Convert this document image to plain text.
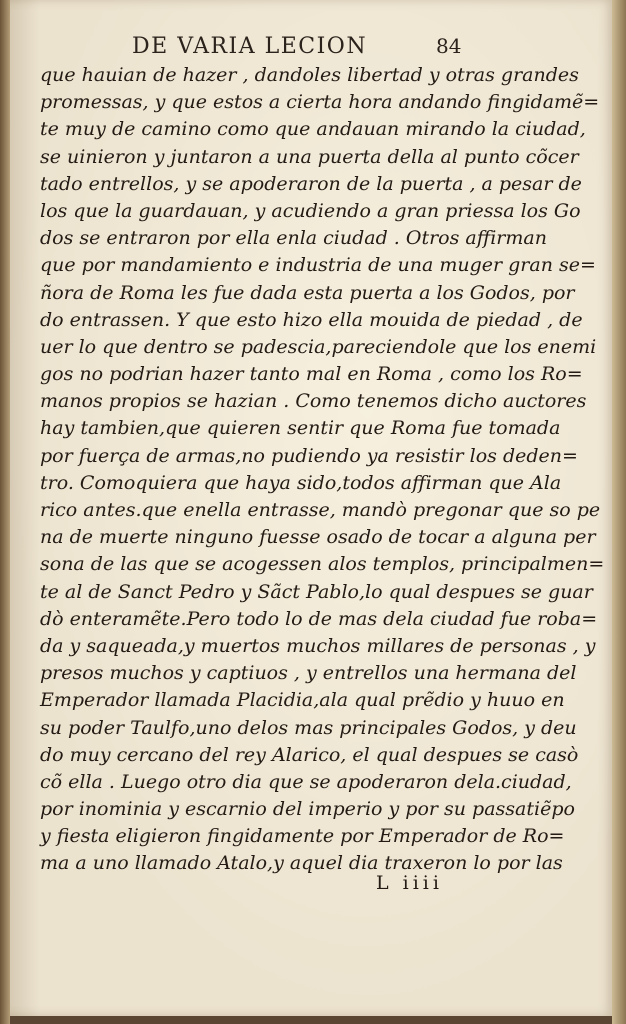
DE VARIA LECION	84
que hauian de hazer , dandoles libertad y otras grandes
promessas, y que estos a cierta hora andando fingidamẽ=
te muy de camino como que andauan mirando la ciudad,
se uinieron y juntaron a una puerta della al punto cõcer
tado entrellos, y se apoderaron de la puerta , a pesar de
los que la guardauan, y acudiendo a gran priessa los Go
dos se entraron por ella enla ciudad . Otros affirman
que por mandamiento e industria de una muger gran se=
ñora de Roma les fue dada esta puerta a los Godos, por
do entrassen. Y que esto hizo ella mouida de piedad , de
uer lo que dentro se padescia,pareciendole que los enemi
gos no podrian hazer tanto mal en Roma , como los Ro=
manos propios se hazian . Como tenemos dicho auctores
hay tambien,que quieren sentir que Roma fue tomada
por fuerça de armas,no pudiendo ya resistir los deden=
tro. Comoquiera que haya sido,todos affirman que Ala
rico antes.que enella entrasse, mandò pregonar que so pe
na de muerte ninguno fuesse osado de tocar a alguna per
sona de las que se acogessen alos templos, principalmen=
te al de Sanct Pedro y Sãct Pablo,lo qual despues se guar
dò enteramẽte.Pero todo lo de mas dela ciudad fue roba=
da y saqueada,y muertos muchos millares de personas , y
presos muchos y captiuos , y entrellos una hermana del
Emperador llamada Placidia,ala qual prẽdio y huuo en
su poder Taulfo,uno delos mas principales Godos, y deu
do muy cercano del rey Alarico, el qual despues se casò
cõ ella . Luego otro dia que se apoderaron dela.ciudad,
por inominia y escarnio del imperio y por su passatiẽpo
y fiesta eligieron fingidamente por Emperador de Ro=
ma a uno llamado Atalo,y aquel dia traxeron lo por las
L iiii
